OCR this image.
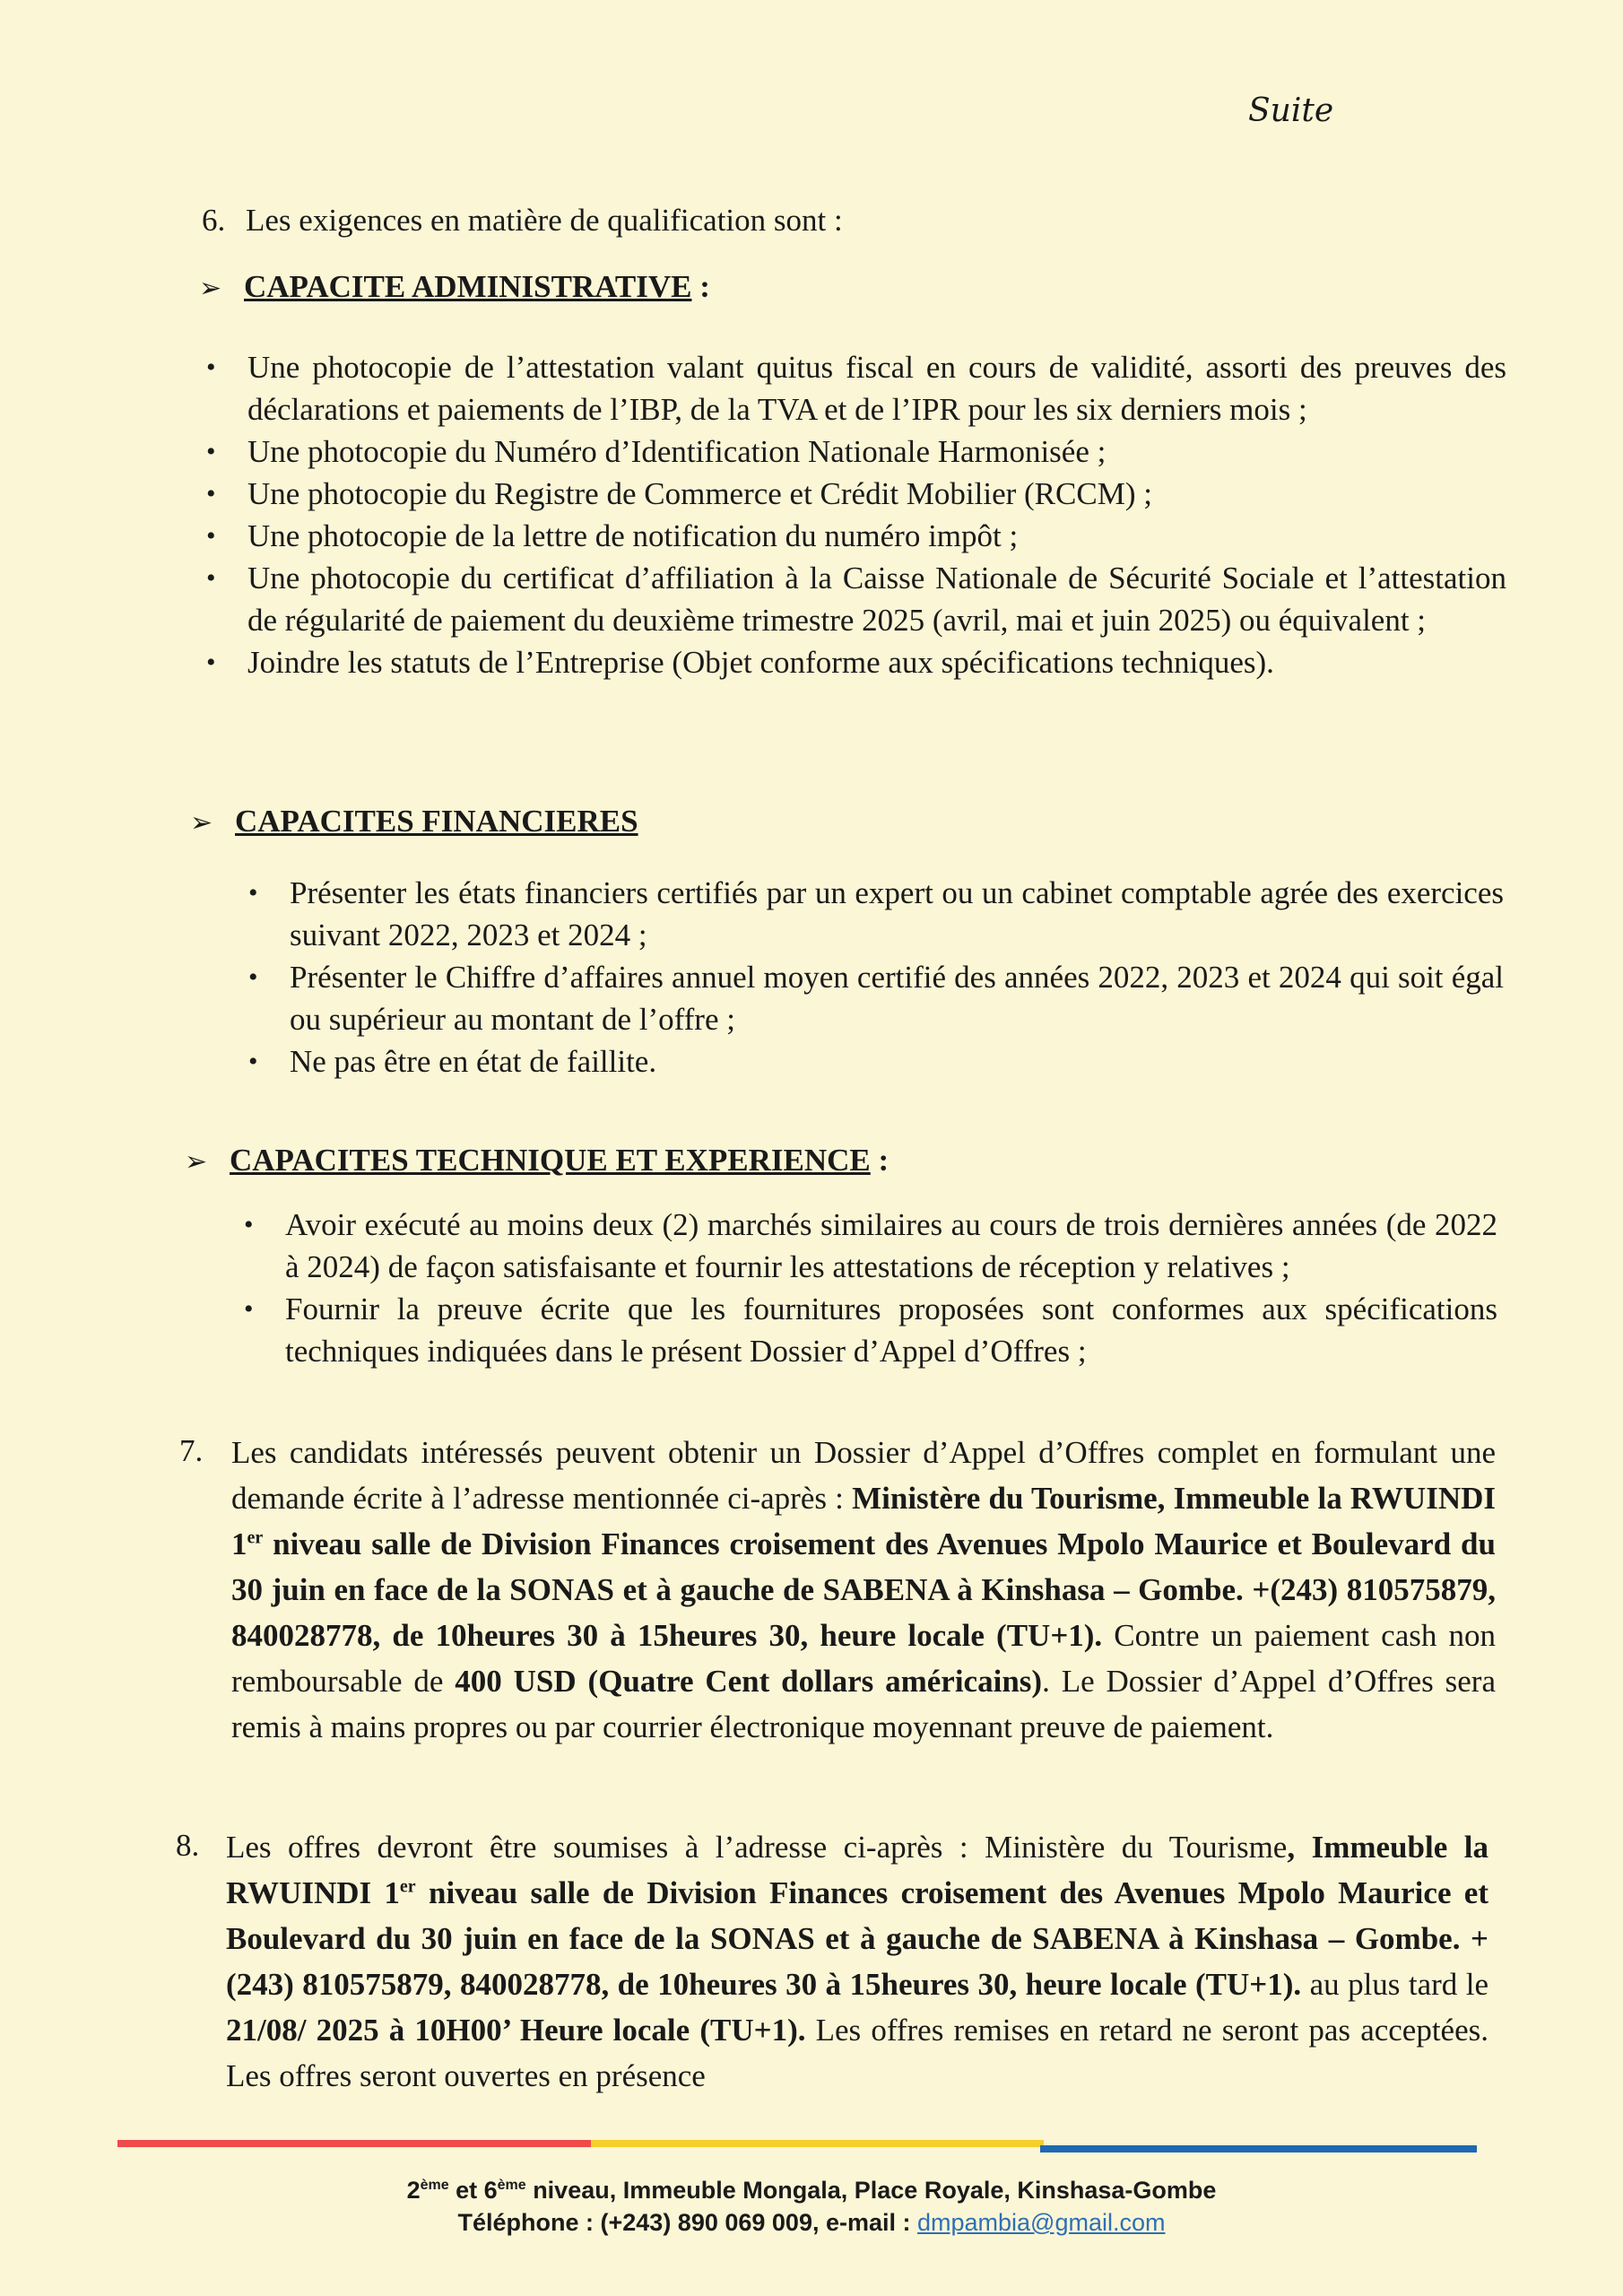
Suite
6. Les exigences en matière de qualification sont :
➢ CAPACITE ADMINISTRATIVE :
• Une photocopie de l’attestation valant quitus fiscal en cours de validité, assorti des preuves des déclarations et paiements de l’IBP, de la TVA et de l’IPR pour les six derniers mois ;
• Une photocopie du Numéro d’Identification Nationale Harmonisée ;
• Une photocopie du Registre de Commerce et Crédit Mobilier (RCCM) ;
• Une photocopie de la lettre de notification du numéro impôt ;
• Une photocopie du certificat d’affiliation à la Caisse Nationale de Sécurité Sociale et l’attestation de régularité de paiement du deuxième trimestre 2025 (avril, mai et juin 2025) ou équivalent ;
• Joindre les statuts de l’Entreprise (Objet conforme aux spécifications techniques).
➢ CAPACITES FINANCIERES
• Présenter les états financiers certifiés par un expert ou un cabinet comptable agrée des exercices suivant 2022, 2023 et 2024 ;
• Présenter le Chiffre d’affaires annuel moyen certifié des années 2022, 2023 et 2024 qui soit égal ou supérieur au montant de l’offre ;
• Ne pas être en état de faillite.
➢ CAPACITES TECHNIQUE ET EXPERIENCE :
• Avoir exécuté au moins deux (2) marchés similaires au cours de trois dernières années (de 2022 à 2024) de façon satisfaisante et fournir les attestations de réception y relatives ;
• Fournir la preuve écrite que les fournitures proposées sont conformes aux spécifications techniques indiquées dans le présent Dossier d’Appel d’Offres ;
7. Les candidats intéressés peuvent obtenir un Dossier d’Appel d’Offres complet en formulant une demande écrite à l’adresse mentionnée ci-après : Ministère du Tourisme, Immeuble la RWUINDI 1er niveau salle de Division Finances croisement des Avenues Mpolo Maurice et Boulevard du 30 juin en face de la SONAS et à gauche de SABENA à Kinshasa – Gombe. +(243) 810575879, 840028778, de 10heures 30 à 15heures 30, heure locale (TU+1). Contre un paiement cash non remboursable de 400 USD (Quatre Cent dollars américains). Le Dossier d’Appel d’Offres sera remis à mains propres ou par courrier électronique moyennant preuve de paiement.
8. Les offres devront être soumises à l’adresse ci-après : Ministère du Tourisme, Immeuble la RWUINDI 1er niveau salle de Division Finances croisement des Avenues Mpolo Maurice et Boulevard du 30 juin en face de la SONAS et à gauche de SABENA à Kinshasa – Gombe. +(243) 810575879, 840028778, de 10heures 30 à 15heures 30, heure locale (TU+1). au plus tard le 21/08/ 2025 à 10H00’ Heure locale (TU+1). Les offres remises en retard ne seront pas acceptées. Les offres seront ouvertes en présence
2ème et 6ème niveau, Immeuble Mongala, Place Royale, Kinshasa-Gombe
Téléphone : (+243) 890 069 009, e-mail : dmpambia@gmail.com
